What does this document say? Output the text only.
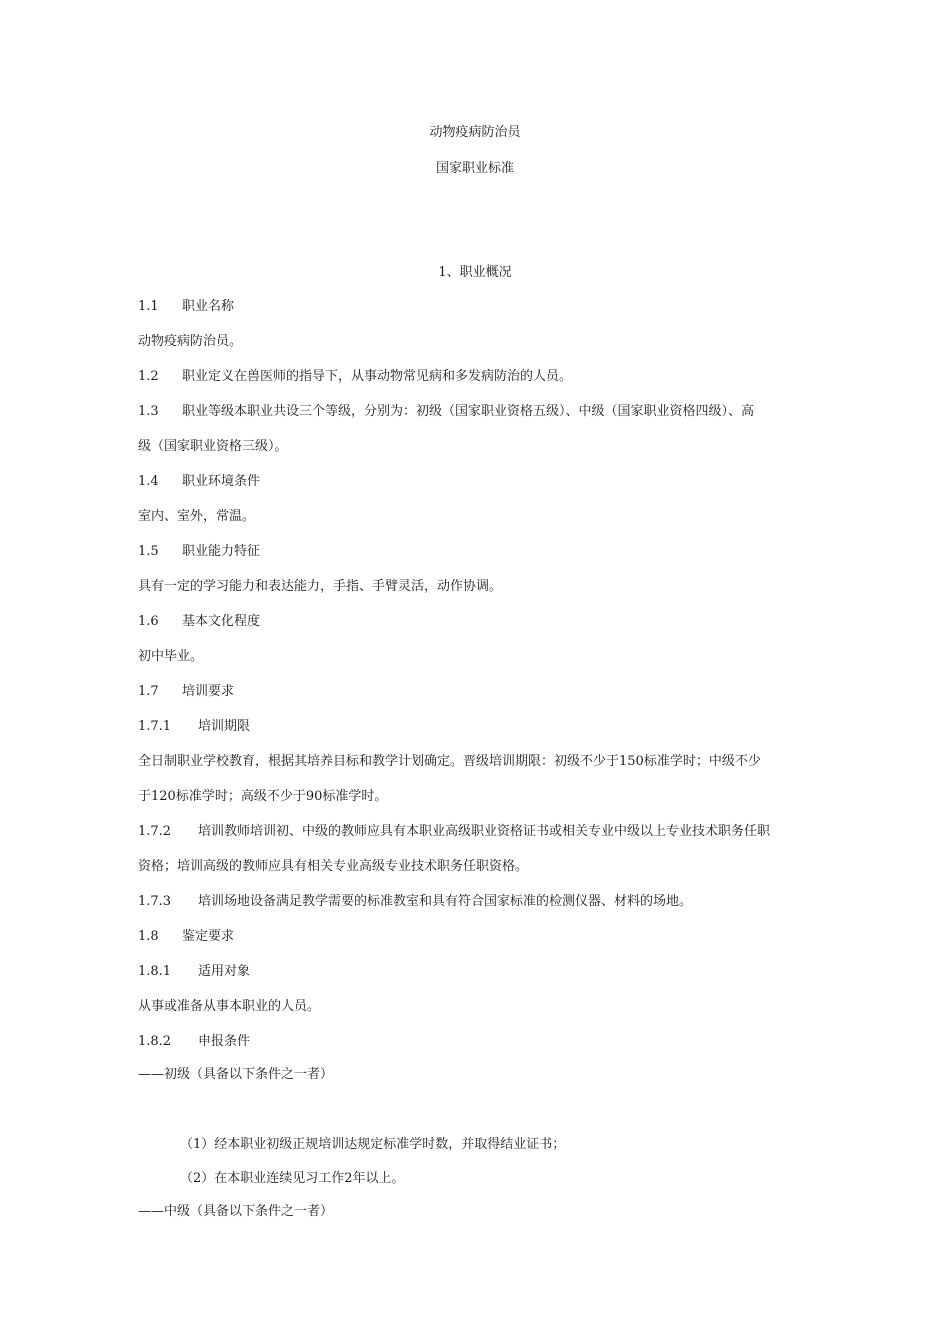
动物疫病防治员
国家职业标准
1、职业概况
1.1 职业名称
动物疫病防治员。
1.2 职业定义在兽医师的指导下，从事动物常见病和多发病防治的人员。
1.3 职业等级本职业共设三个等级，分别为：初级（国家职业资格五级）、中级（国家职业资格四级）、高
级（国家职业资格三级）。
1.4 职业环境条件
室内、室外，常温。
1.5 职业能力特征
具有一定的学习能力和表达能力，手指、手臂灵活，动作协调。
1.6 基本文化程度
初中毕业。
1.7 培训要求
1.7.1 培训期限
全日制职业学校教育，根据其培养目标和教学计划确定。晋级培训期限：初级不少于150标准学时；中级不少
于120标准学时；高级不少于90标准学时。
1.7.2 培训教师培训初、中级的教师应具有本职业高级职业资格证书或相关专业中级以上专业技术职务任职
资格；培训高级的教师应具有相关专业高级专业技术职务任职资格。
1.7.3 培训场地设备满足教学需要的标准教室和具有符合国家标准的检测仪器、材料的场地。
1.8 鉴定要求
1.8.1 适用对象
从事或准备从事本职业的人员。
1.8.2 申报条件
——初级（具备以下条件之一者）
（1）经本职业初级正规培训达规定标准学时数，并取得结业证书；
（2）在本职业连续见习工作2年以上。
——中级（具备以下条件之一者）
